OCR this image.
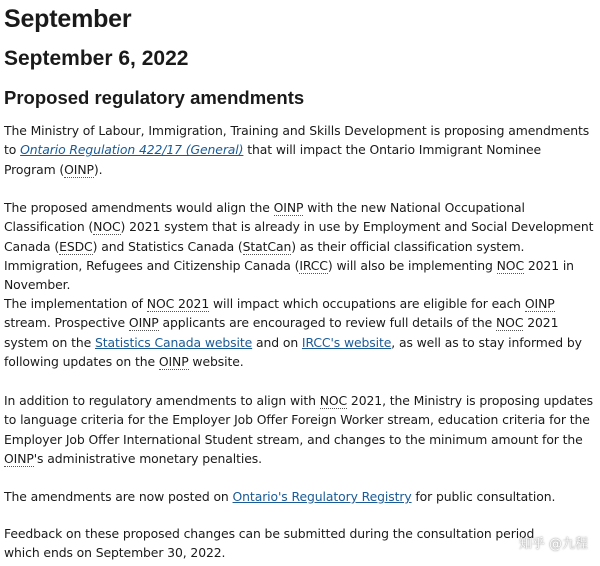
September
September 6, 2022
Proposed regulatory amendments

The Ministry of Labour, Immigration, Training and Skills Development is proposing amendments to Ontario Regulation 422/17 (General) that will impact the Ontario Immigrant Nominee Program (OINP).

The proposed amendments would align the OINP with the new National Occupational Classification (NOC) 2021 system that is already in use by Employment and Social Development Canada (ESDC) and Statistics Canada (StatCan) as their official classification system. Immigration, Refugees and Citizenship Canada (IRCC) will also be implementing NOC 2021 in November.

The implementation of NOC 2021 will impact which occupations are eligible for each OINP stream. Prospective OINP applicants are encouraged to review full details of the NOC 2021 system on the Statistics Canada website and on IRCC's website, as well as to stay informed by following updates on the OINP website.

In addition to regulatory amendments to align with NOC 2021, the Ministry is proposing updates to language criteria for the Employer Job Offer Foreign Worker stream, education criteria for the Employer Job Offer International Student stream, and changes to the minimum amount for the OINP's administrative monetary penalties.

The amendments are now posted on Ontario's Regulatory Registry for public consultation.

Feedback on these proposed changes can be submitted during the consultation period which ends on September 30, 2022.

知乎 @九程
